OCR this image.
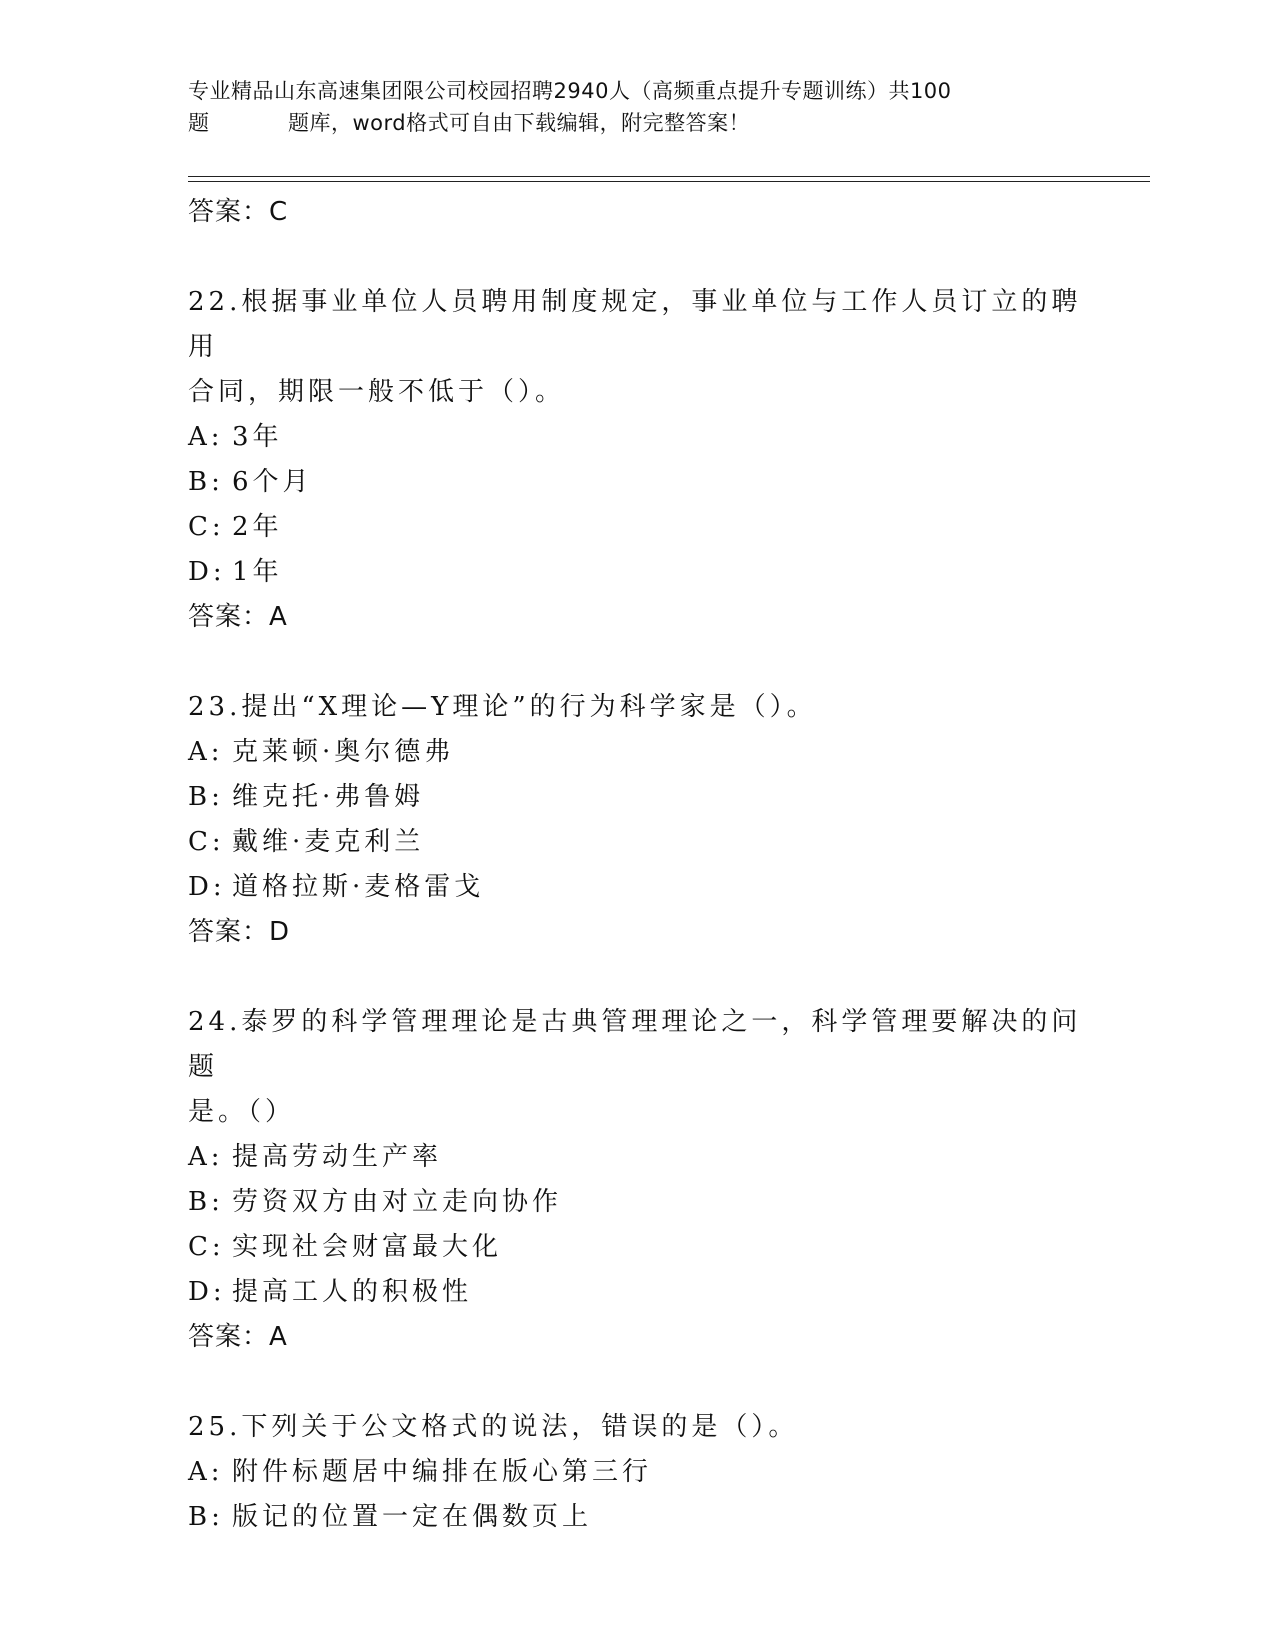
专业精品山东高速集团限公司校园招聘2940人（高频重点提升专题训练）共100
题	题库，word格式可自由下载编辑，附完整答案！
答案：C
22.根据事业单位人员聘用制度规定，事业单位与工作人员订立的聘用
合同，期限一般不低于（）。
A: 3年
B: 6个月
C: 2年
D: 1年
答案：A
23.提出“X理论—Y理论”的行为科学家是（）。
A: 克莱顿·奥尔德弗
B: 维克托·弗鲁姆
C: 戴维·麦克利兰
D: 道格拉斯·麦格雷戈
答案：D
24.泰罗的科学管理理论是古典管理理论之一，科学管理要解决的问题
是。（）
A: 提高劳动生产率
B: 劳资双方由对立走向协作
C: 实现社会财富最大化
D: 提高工人的积极性
答案：A
25.下列关于公文格式的说法，错误的是（）。
A: 附件标题居中编排在版心第三行
B: 版记的位置一定在偶数页上
